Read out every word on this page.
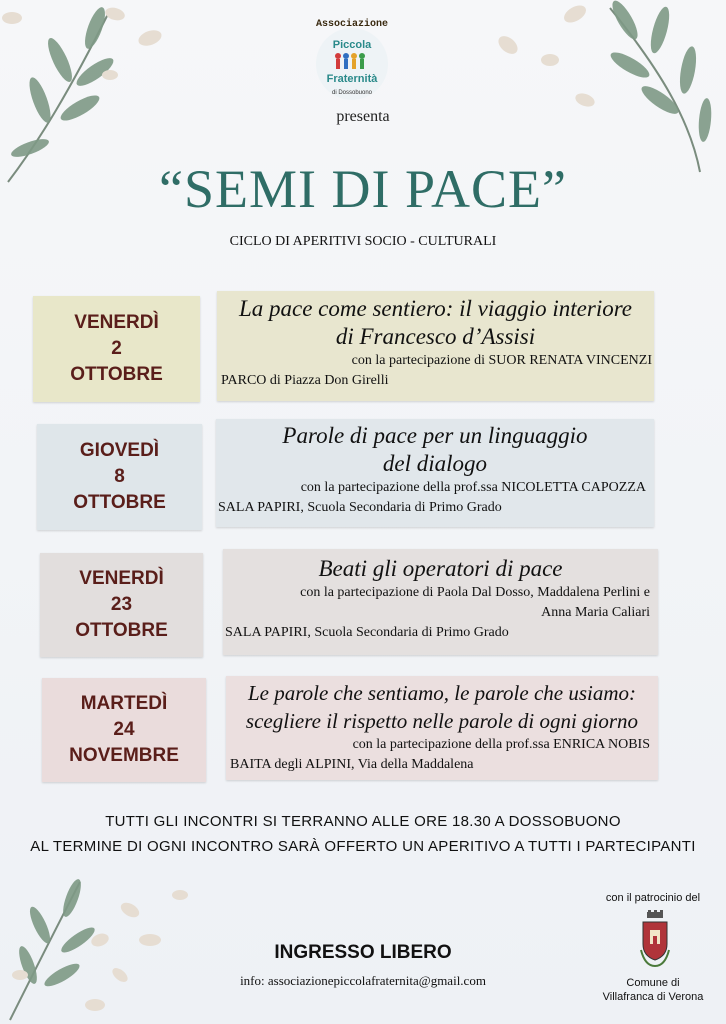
Associazione
Piccola
Fraternità
di Dossobuono
presenta
“SEMI DI PACE”
CICLO DI APERITIVI SOCIO - CULTURALI
VENERDÌ
2
OTTOBRE
La pace come sentiero: il viaggio interiore
di Francesco d’Assisi
con la partecipazione di SUOR RENATA VINCENZI
PARCO di Piazza Don Girelli
GIOVEDÌ
8
OTTOBRE
Parole di pace per un linguaggio
del dialogo
con la partecipazione della prof.ssa NICOLETTA CAPOZZA
SALA PAPIRI, Scuola Secondaria di Primo Grado
VENERDÌ
23
OTTOBRE
Beati gli operatori di pace
con la partecipazione di Paola Dal Dosso, Maddalena Perlini e
Anna Maria Caliari
SALA PAPIRI, Scuola Secondaria di Primo Grado
MARTEDÌ
24
NOVEMBRE
Le parole che sentiamo, le parole che usiamo:
scegliere il rispetto nelle parole di ogni giorno
con la partecipazione della prof.ssa ENRICA NOBIS
BAITA degli ALPINI, Via della Maddalena
TUTTI GLI INCONTRI SI TERRANNO ALLE ORE 18.30 A DOSSOBUONO
AL TERMINE DI OGNI INCONTRO SARÀ OFFERTO UN APERITIVO A TUTTI I PARTECIPANTI
INGRESSO LIBERO
info: associazionepiccolafraternita@gmail.com
con il patrocinio del
Comune di
Villafranca di Verona
